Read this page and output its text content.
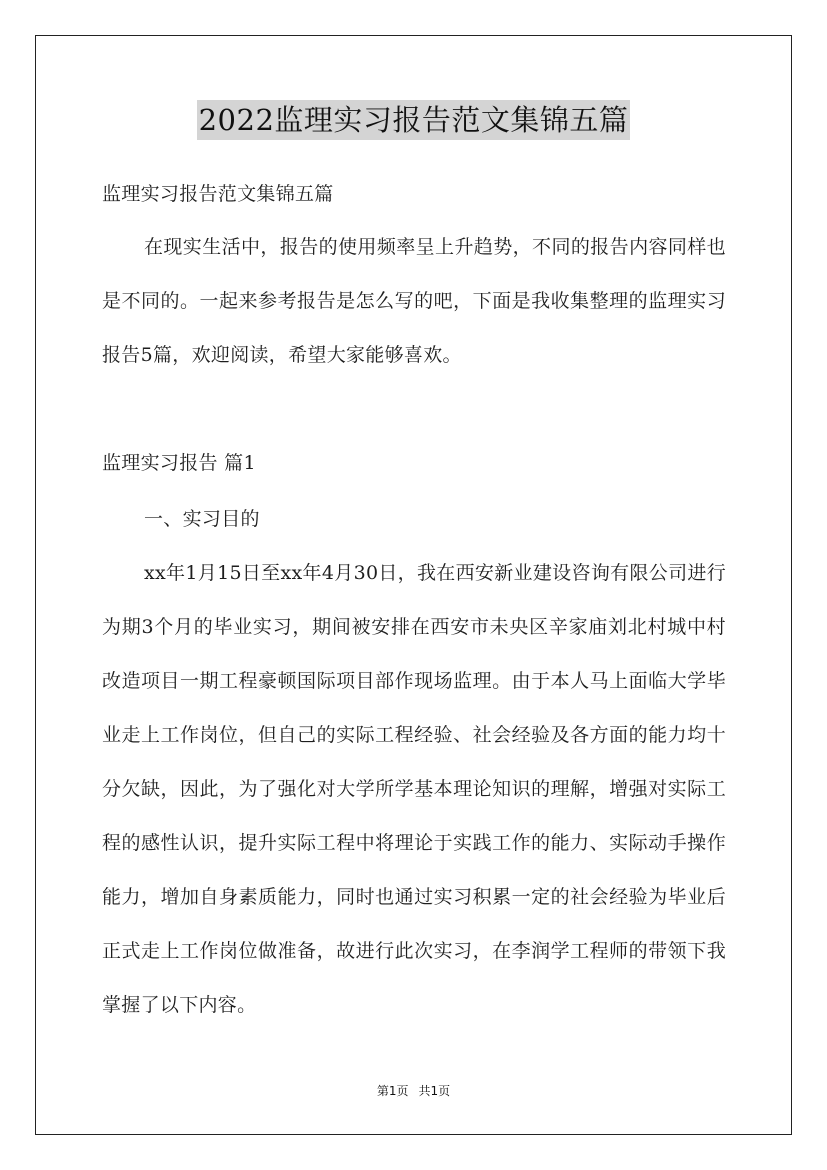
2022监理实习报告范文集锦五篇
监理实习报告范文集锦五篇
在现实生活中，报告的使用频率呈上升趋势，不同的报告内容同样也是不同的。一起来参考报告是怎么写的吧，下面是我收集整理的监理实习报告5篇，欢迎阅读，希望大家能够喜欢。
监理实习报告 篇1
一、实习目的
xx年1月15日至xx年4月30日，我在西安新业建设咨询有限公司进行为期3个月的毕业实习，期间被安排在西安市未央区辛家庙刘北村城中村改造项目一期工程豪顿国际项目部作现场监理。由于本人马上面临大学毕业走上工作岗位，但自己的实际工程经验、社会经验及各方面的能力均十分欠缺，因此，为了强化对大学所学基本理论知识的理解，增强对实际工程的感性认识，提升实际工程中将理论于实践工作的能力、实际动手操作能力，增加自身素质能力，同时也通过实习积累一定的社会经验为毕业后正式走上工作岗位做准备，故进行此次实习，在李润学工程师的带领下我掌握了以下内容。
第1页 共1页
